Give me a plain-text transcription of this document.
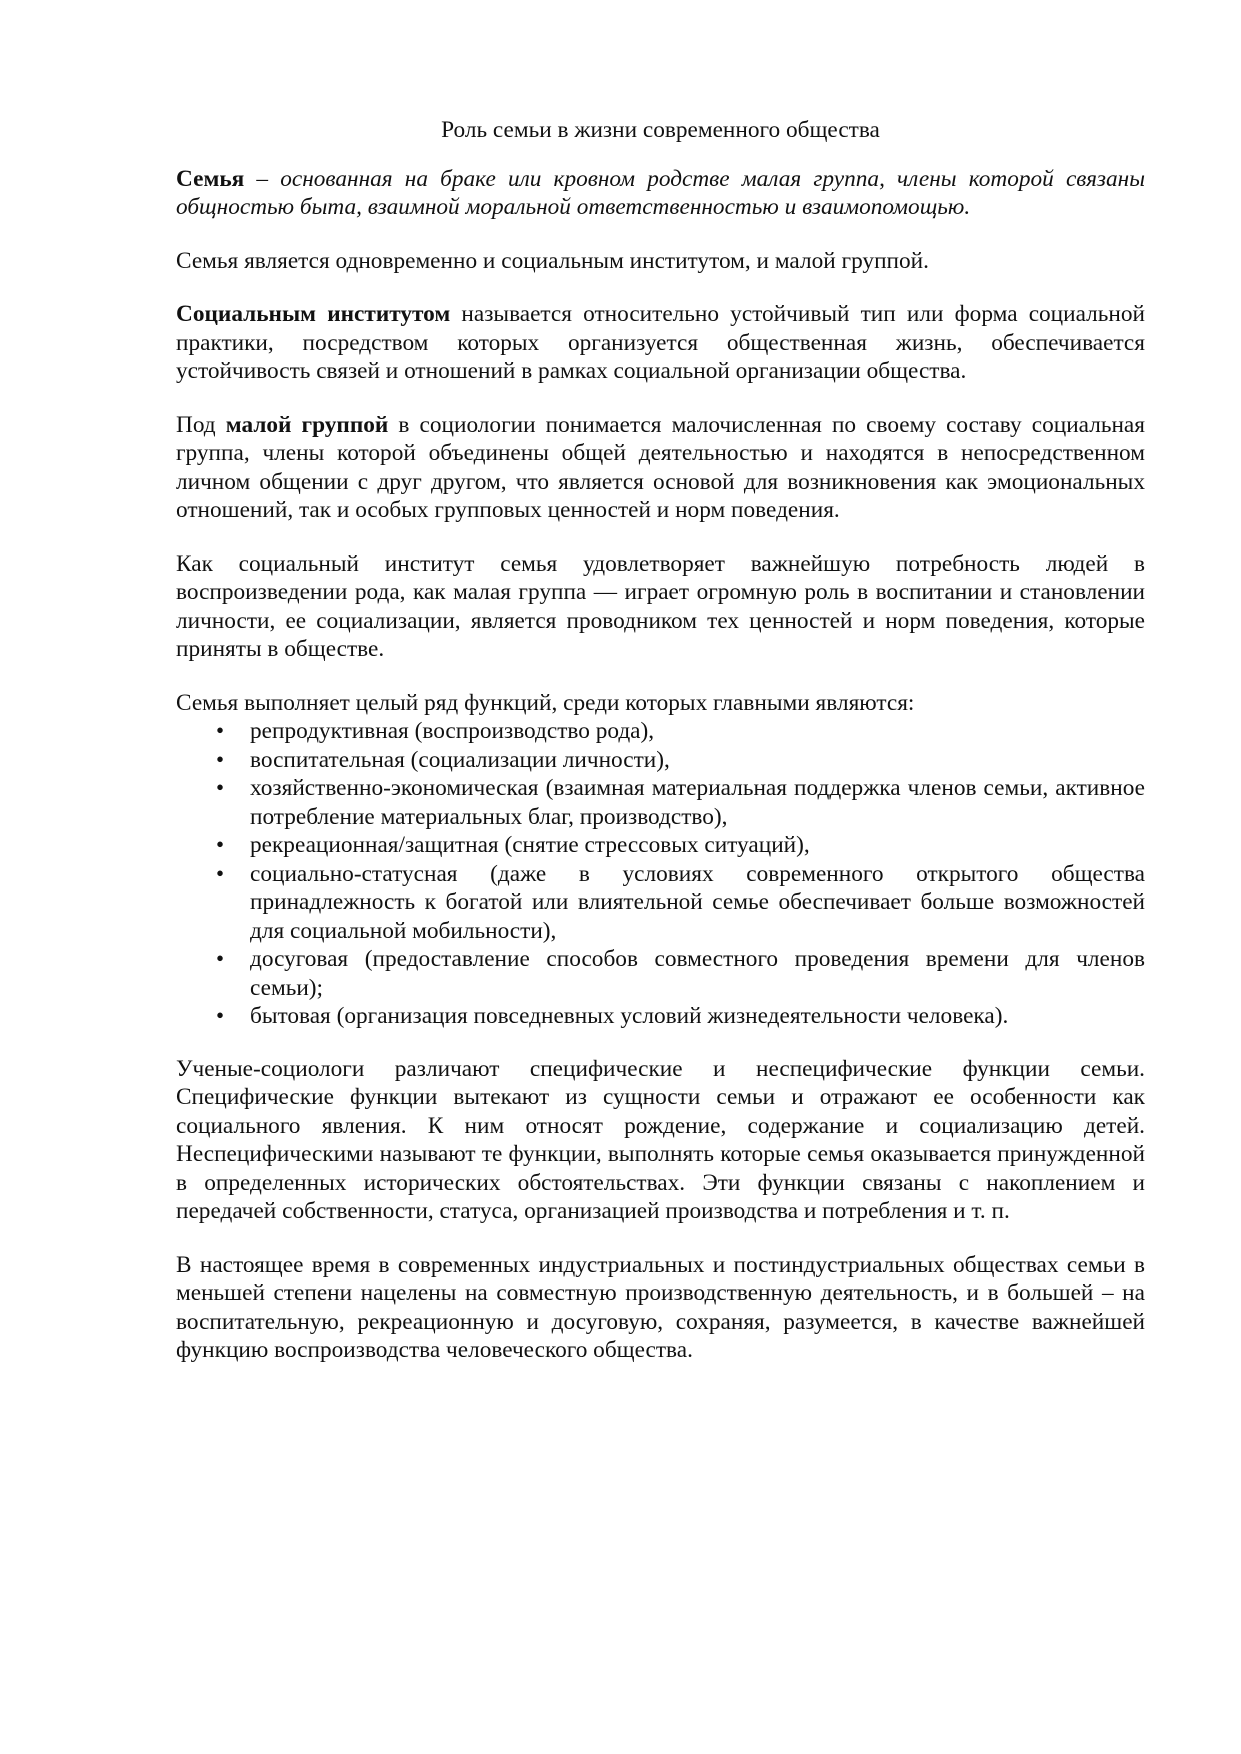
Роль семьи в жизни современного общества

Семья – основанная на браке или кровном родстве малая группа, члены которой связаны общностью быта, взаимной моральной ответственностью и взаимопомощью.

Семья является одновременно и социальным институтом, и малой группой.

Социальным институтом называется относительно устойчивый тип или форма социальной практики, посредством которых организуется общественная жизнь, обеспечивается устойчивость связей и отношений в рамках социальной организации общества.

Под малой группой в социологии понимается малочисленная по своему составу социальная группа, члены которой объединены общей деятельностью и находятся в непосредственном личном общении с друг другом, что является основой для возникновения как эмоциональных отношений, так и особых групповых ценностей и норм поведения.

Как социальный институт семья удовлетворяет важнейшую потребность людей в воспроизведении рода, как малая группа — играет огромную роль в воспитании и становлении личности, ее социализации, является проводником тех ценностей и норм поведения, которые приняты в обществе.

Семья выполняет целый ряд функций, среди которых главными являются:

• репродуктивная (воспроизводство рода),
• воспитательная (социализации личности),
• хозяйственно-экономическая (взаимная материальная поддержка членов семьи, активное потребление материальных благ, производство),
• рекреационная/защитная (снятие стрессовых ситуаций),
• социально-статусная (даже в условиях современного открытого общества принадлежность к богатой или влиятельной семье обеспечивает больше возможностей для социальной мобильности),
• досуговая (предоставление способов совместного проведения времени для членов семьи);
• бытовая (организация повседневных условий жизнедеятельности человека).

Ученые-социологи различают специфические и неспецифические функции семьи. Специфические функции вытекают из сущности семьи и отражают ее особенности как социального явления. К ним относят рождение, содержание и социализацию детей. Неспецифическими называют те функции, выполнять которые семья оказывается принужденной в определенных исторических обстоятельствах. Эти функции связаны с накоплением и передачей собственности, статуса, организацией производства и потребления и т. п.

В настоящее время в современных индустриальных и постиндустриальных обществах семьи в меньшей степени нацелены на совместную производственную деятельность, и в большей – на воспитательную, рекреационную и досуговую, сохраняя, разумеется, в качестве важнейшей функцию воспроизводства человеческого общества.
